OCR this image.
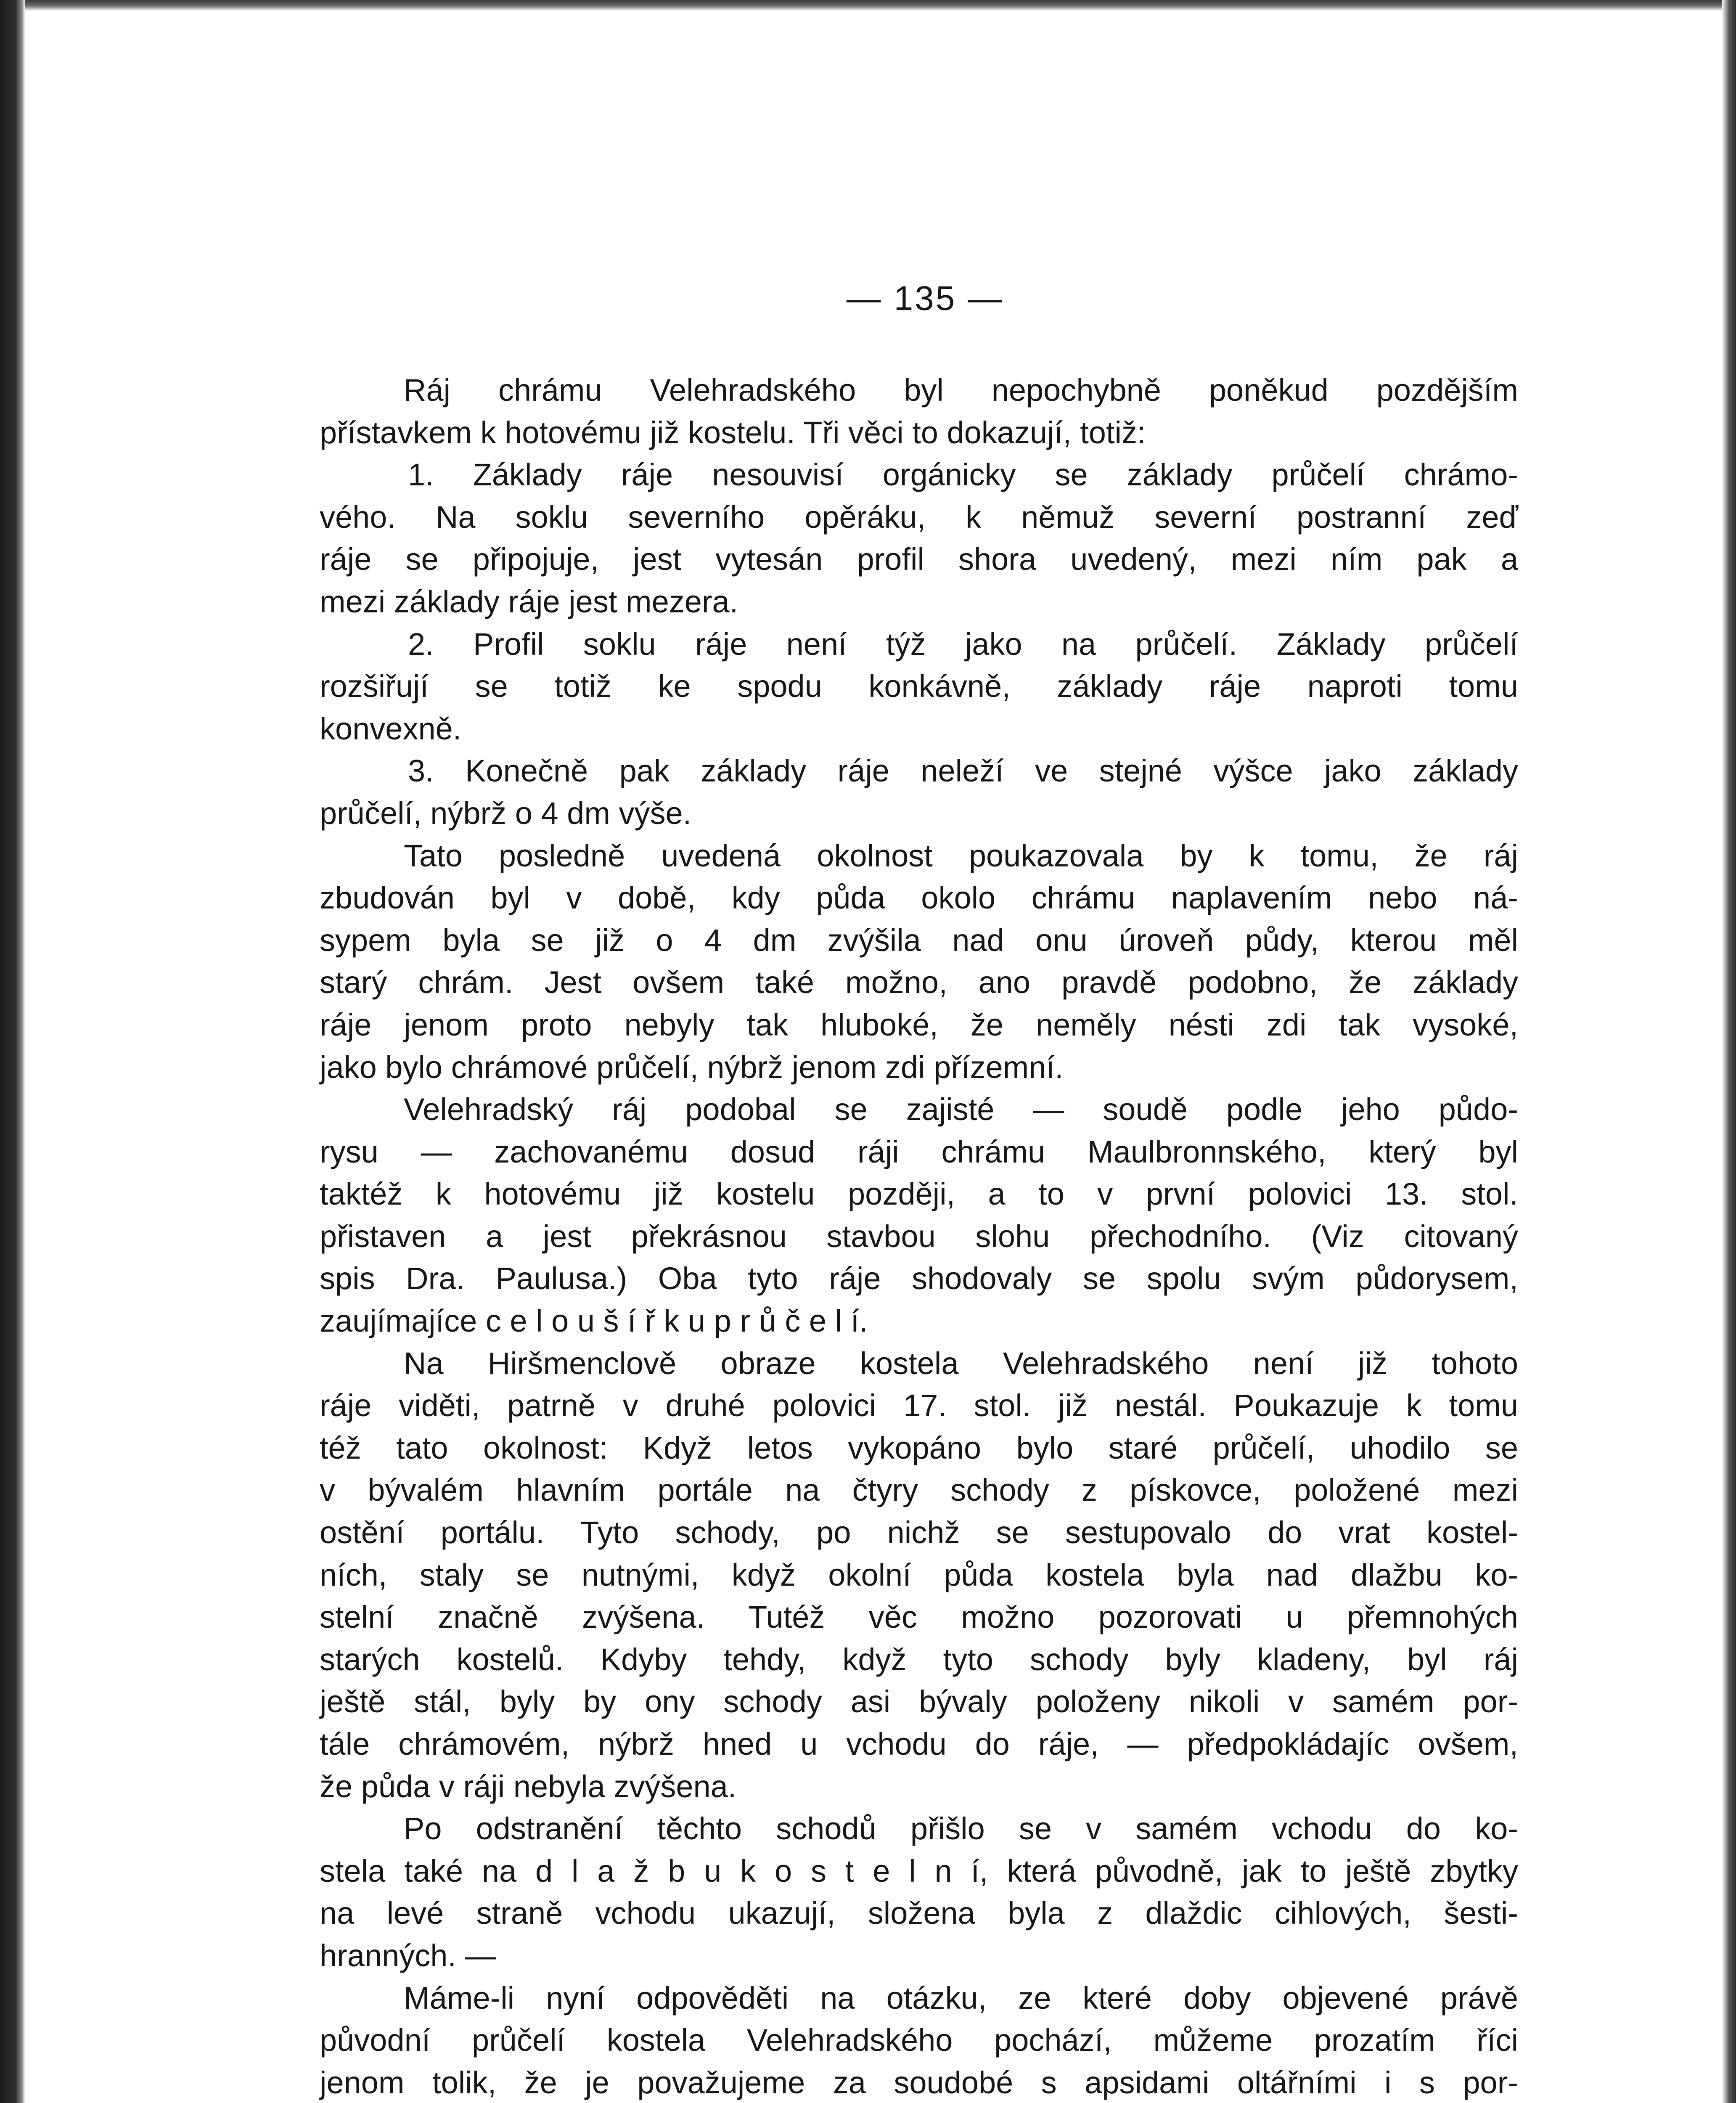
— 135 —
Ráj chrámu Velehradského byl nepochybně poněkud pozdějším
přístavkem k hotovému již kostelu. Tři věci to dokazují, totiž:
1. Základy ráje nesouvisí orgánicky se základy průčelí chrámo-
vého. Na soklu severního opěráku, k němuž severní postranní zeď
ráje se připojuje, jest vytesán profil shora uvedený, mezi ním pak a
mezi základy ráje jest mezera.
2. Profil soklu ráje není týž jako na průčelí. Základy průčelí
rozšiřují se totiž ke spodu konkávně, základy ráje naproti tomu
konvexně.
3. Konečně pak základy ráje neleží ve stejné výšce jako základy
průčelí, nýbrž o 4 dm výše.
Tato posledně uvedená okolnost poukazovala by k tomu, že ráj
zbudován byl v době, kdy půda okolo chrámu naplavením nebo ná-
sypem byla se již o 4 dm zvýšila nad onu úroveň půdy, kterou měl
starý chrám. Jest ovšem také možno, ano pravdě podobno, že základy
ráje jenom proto nebyly tak hluboké, že neměly nésti zdi tak vysoké,
jako bylo chrámové průčelí, nýbrž jenom zdi přízemní.
Velehradský ráj podobal se zajisté — soudě podle jeho půdo-
rysu — zachovanému dosud ráji chrámu Maulbronnského, který byl
taktéž k hotovému již kostelu později, a to v první polovici 13. stol.
přistaven a jest překrásnou stavbou slohu přechodního. (Viz citovaný
spis Dra. Paulusa.) Oba tyto ráje shodovaly se spolu svým půdorysem,
zaujímajíce c e l o u š í ř k u p r ů č e l í.
Na Hiršmenclově obraze kostela Velehradského není již tohoto
ráje viděti, patrně v druhé polovici 17. stol. již nestál. Poukazuje k tomu
též tato okolnost: Když letos vykopáno bylo staré průčelí, uhodilo se
v bývalém hlavním portále na čtyry schody z pískovce, položené mezi
ostění portálu. Tyto schody, po nichž se sestupovalo do vrat kostel-
ních, staly se nutnými, když okolní půda kostela byla nad dlažbu ko-
stelní značně zvýšena. Tutéž věc možno pozorovati u přemnohých
starých kostelů. Kdyby tehdy, když tyto schody byly kladeny, byl ráj
ještě stál, byly by ony schody asi bývaly položeny nikoli v samém por-
tále chrámovém, nýbrž hned u vchodu do ráje, — předpokládajíc ovšem,
že půda v ráji nebyla zvýšena.
Po odstranění těchto schodů přišlo se v samém vchodu do ko-
stela také na d l a ž b u k o s t e l n í, která původně, jak to ještě zbytky
na levé straně vchodu ukazují, složena byla z dlaždic cihlových, šesti-
hranných. —
Máme-li nyní odpověděti na otázku, ze které doby objevené právě
původní průčelí kostela Velehradského pochází, můžeme prozatím říci
jenom tolik, že je považujeme za soudobé s apsidami oltářními i s por-
